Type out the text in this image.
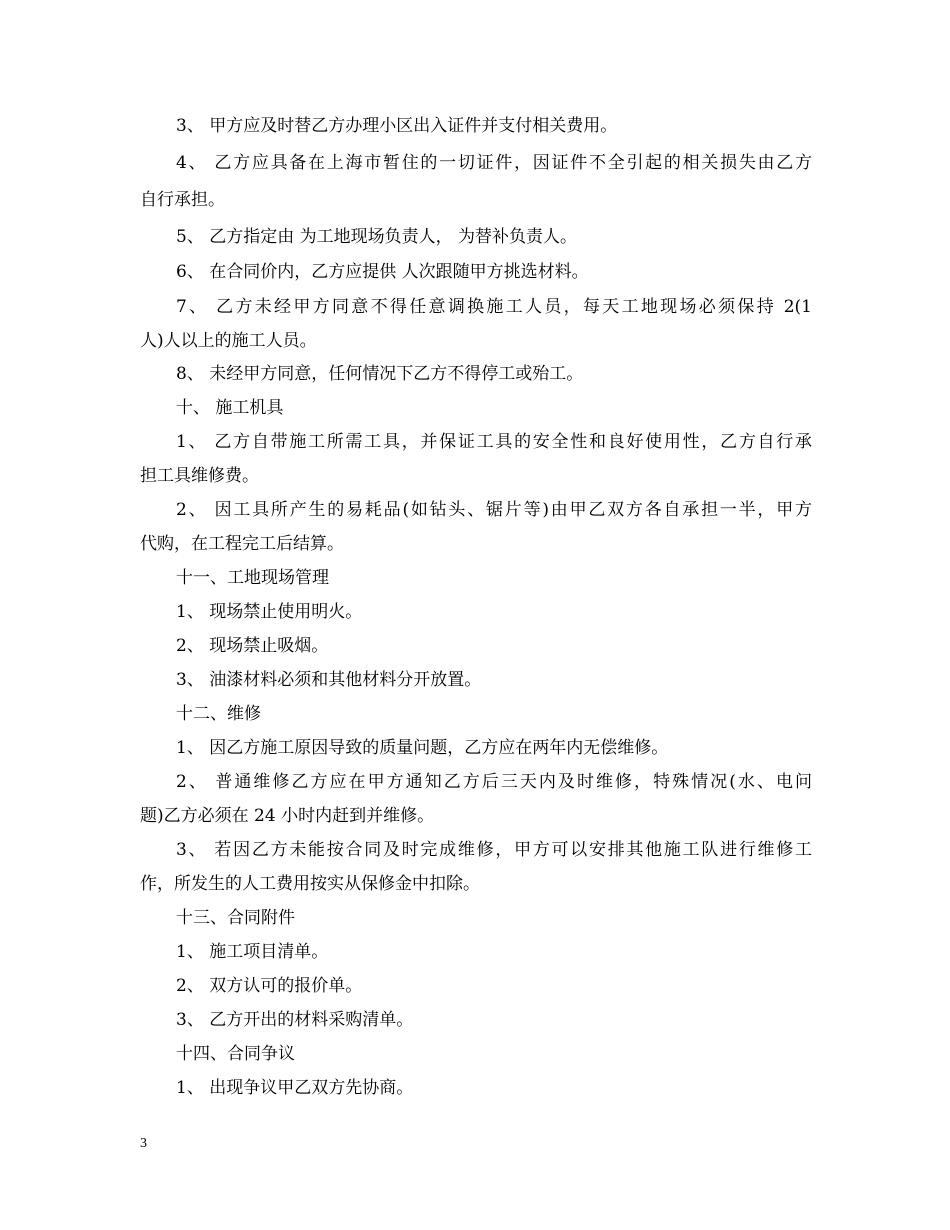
3、 甲方应及时替乙方办理小区出入证件并支付相关费用。
4、 乙方应具备在上海市暂住的一切证件，因证件不全引起的相关损失由乙方
自行承担。
5、 乙方指定由 为工地现场负责人， 为替补负责人。
6、 在合同价内，乙方应提供 人次跟随甲方挑选材料。
7、 乙方未经甲方同意不得任意调换施工人员，每天工地现场必须保持 2(1
人)人以上的施工人员。
8、 未经甲方同意，任何情况下乙方不得停工或殆工。
十、 施工机具
1、 乙方自带施工所需工具，并保证工具的安全性和良好使用性，乙方自行承
担工具维修费。
2、 因工具所产生的易耗品(如钻头、锯片等)由甲乙双方各自承担一半，甲方
代购，在工程完工后结算。
十一、工地现场管理
1、 现场禁止使用明火。
2、 现场禁止吸烟。
3、 油漆材料必须和其他材料分开放置。
十二、维修
1、 因乙方施工原因导致的质量问题，乙方应在两年内无偿维修。
2、 普通维修乙方应在甲方通知乙方后三天内及时维修，特殊情况(水、电问
题)乙方必须在 24 小时内赶到并维修。
3、 若因乙方未能按合同及时完成维修，甲方可以安排其他施工队进行维修工
作，所发生的人工费用按实从保修金中扣除。
十三、合同附件
1、 施工项目清单。
2、 双方认可的报价单。
3、 乙方开出的材料采购清单。
十四、合同争议
1、 出现争议甲乙双方先协商。
3
